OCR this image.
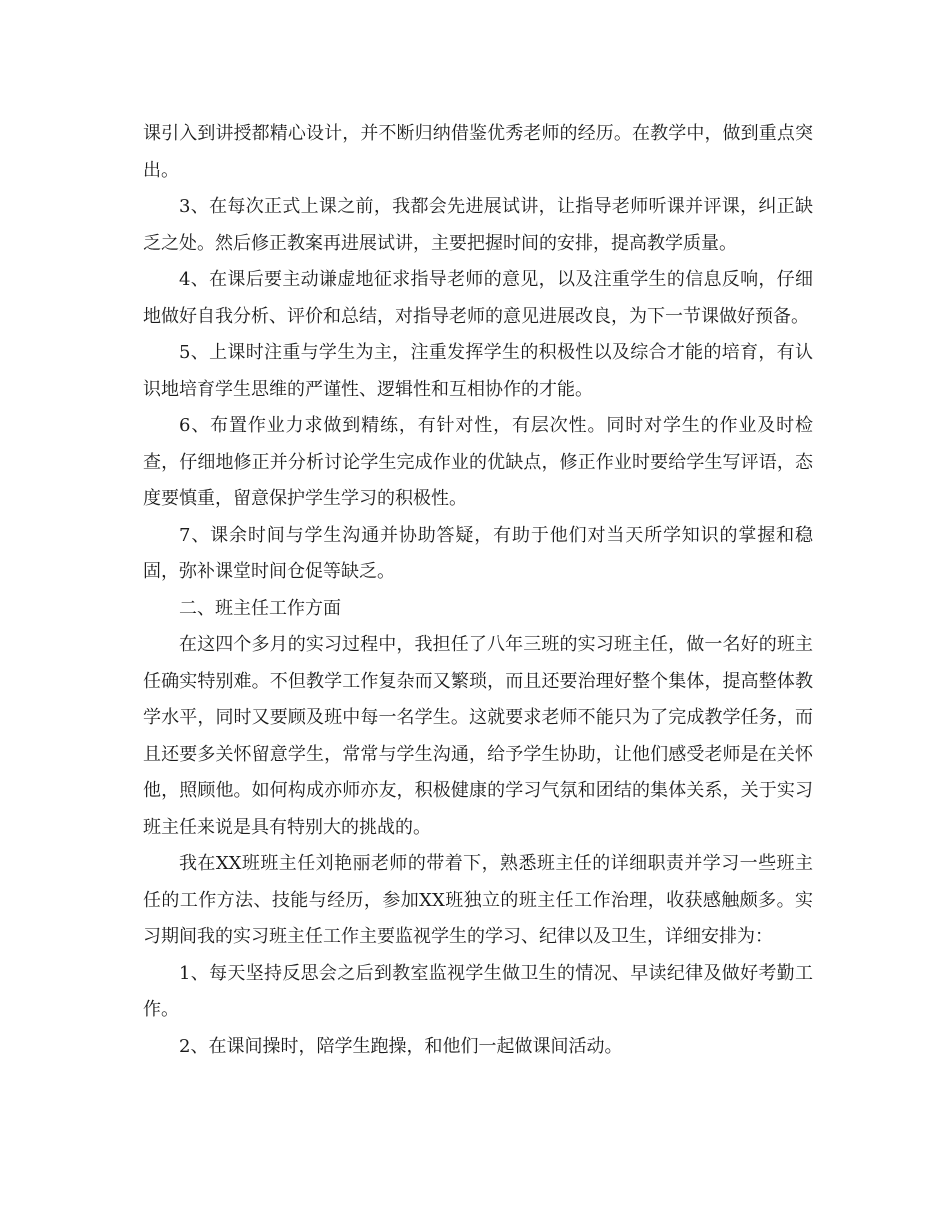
课引入到讲授都精心设计，并不断归纳借鉴优秀老师的经历。在教学中，做到重点突出。

3、在每次正式上课之前，我都会先进展试讲，让指导老师听课并评课，纠正缺乏之处。然后修正教案再进展试讲，主要把握时间的安排，提高教学质量。

4、在课后要主动谦虚地征求指导老师的意见，以及注重学生的信息反响，仔细地做好自我分析、评价和总结，对指导老师的意见进展改良，为下一节课做好预备。

5、上课时注重与学生为主，注重发挥学生的积极性以及综合才能的培育，有认识地培育学生思维的严谨性、逻辑性和互相协作的才能。

6、布置作业力求做到精练，有针对性，有层次性。同时对学生的作业及时检查，仔细地修正并分析讨论学生完成作业的优缺点，修正作业时要给学生写评语，态度要慎重，留意保护学生学习的积极性。

7、课余时间与学生沟通并协助答疑，有助于他们对当天所学知识的掌握和稳固，弥补课堂时间仓促等缺乏。

二、班主任工作方面

在这四个多月的实习过程中，我担任了八年三班的实习班主任，做一名好的班主任确实特别难。不但教学工作复杂而又繁琐，而且还要治理好整个集体，提高整体教学水平，同时又要顾及班中每一名学生。这就要求老师不能只为了完成教学任务，而且还要多关怀留意学生，常常与学生沟通，给予学生协助，让他们感受老师是在关怀他，照顾他。如何构成亦师亦友，积极健康的学习气氛和团结的集体关系，关于实习班主任来说是具有特别大的挑战的。

我在XX班班主任刘艳丽老师的带着下，熟悉班主任的详细职责并学习一些班主任的工作方法、技能与经历，参加XX班独立的班主任工作治理，收获感触颇多。实习期间我的实习班主任工作主要监视学生的学习、纪律以及卫生，详细安排为：

1、每天坚持反思会之后到教室监视学生做卫生的情况、早读纪律及做好考勤工作。

2、在课间操时，陪学生跑操，和他们一起做课间活动。
